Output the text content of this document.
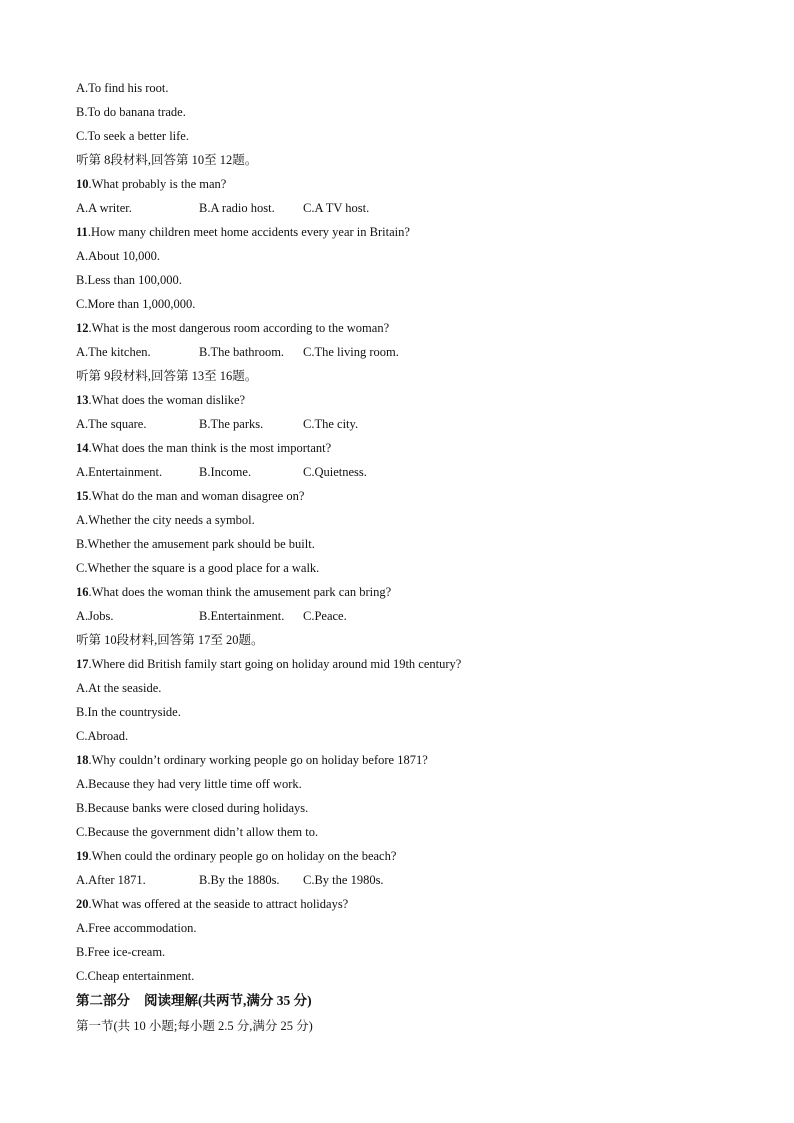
A.To find his root.
B.To do banana trade.
C.To seek a better life.
听第 8段材料,回答第 10至 12题。
10.What probably is the man?
A.A writer.	B.A radio host.	C.A TV host.
11.How many children meet home accidents every year in Britain?
A.About 10,000.
B.Less than 100,000.
C.More than 1,000,000.
12.What is the most dangerous room according to the woman?
A.The kitchen.	B.The bathroom.	C.The living room.
听第 9段材料,回答第 13至 16题。
13.What does the woman dislike?
A.The square.	B.The parks.	C.The city.
14.What does the man think is the most important?
A.Entertainment.	B.Income.	C.Quietness.
15.What do the man and woman disagree on?
A.Whether the city needs a symbol.
B.Whether the amusement park should be built.
C.Whether the square is a good place for a walk.
16.What does the woman think the amusement park can bring?
A.Jobs.	B.Entertainment.	C.Peace.
听第 10段材料,回答第 17至 20题。
17.Where did British family start going on holiday around mid 19th century?
A.At the seaside.
B.In the countryside.
C.Abroad.
18.Why couldn’t ordinary working people go on holiday before 1871?
A.Because they had very little time off work.
B.Because banks were closed during holidays.
C.Because the government didn’t allow them to.
19.When could the ordinary people go on holiday on the beach?
A.After 1871.	B.By the 1880s.	C.By the 1980s.
20.What was offered at the seaside to attract holidays?
A.Free accommodation.
B.Free ice-cream.
C.Cheap entertainment.
第二部分 阅读理解(共两节,满分 35 分)
第一节(共 10 小题;每小题 2.5 分,满分 25 分)
